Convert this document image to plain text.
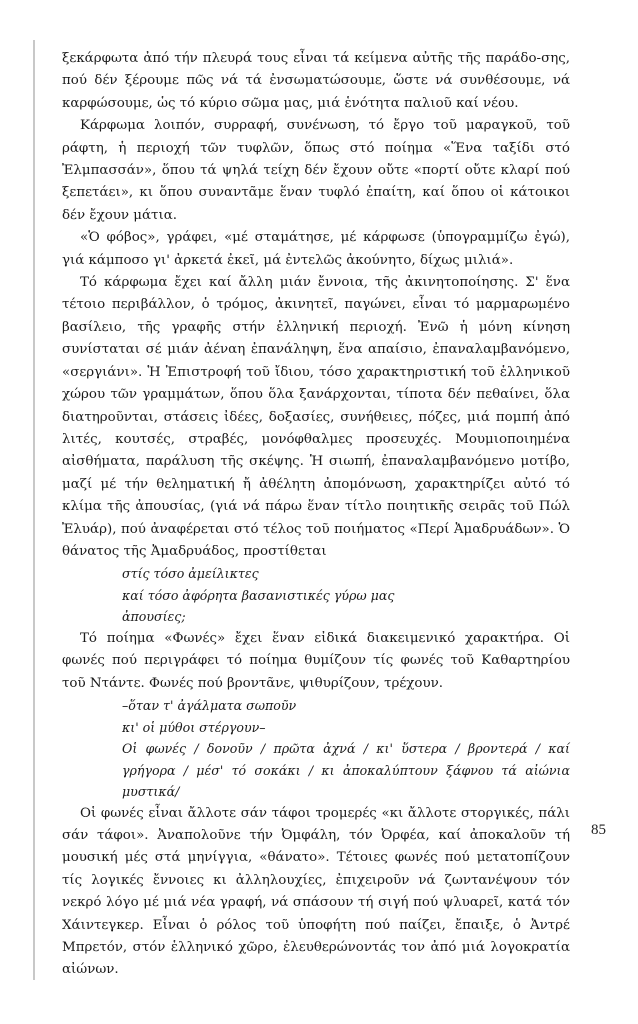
ξεκάρφωτα ἀπό τήν πλευρά τους εἶναι τά κείμενα αὐτῆς τῆς παράδο-σης, πού δέν ξέρουμε πῶς νά τά ἐνσωματώσουμε, ὥστε νά συνθέσουμε, νά καρφώσουμε, ὡς τό κύριο σῶμα μας, μιά ἑνότητα παλιοῦ καί νέου.

Κάρφωμα λοιπόν, συρραφή, συνένωση, τό ἔργο τοῦ μαραγκοῦ, τοῦ ράφτη, ἡ περιοχή τῶν τυφλῶν, ὅπως στό ποίημα «Ἕνα ταξίδι στό Ἐλμπασσάν», ὅπου τά ψηλά τείχη δέν ἔχουν οὔτε «πορτί οὔτε κλαρί πού ξεπετάει», κι ὅπου συναντᾶμε ἕναν τυφλό ἐπαίτη, καί ὅπου οἱ κάτοικοι δέν ἔχουν μάτια.

«Ὁ φόβος», γράφει, «μέ σταμάτησε, μέ κάρφωσε (ὑπογραμμίζω ἐγώ), γιά κάμποσο γι' ἀρκετά ἐκεῖ, μά ἐντελῶς ἀκούνητο, δίχως μιλιά».

Τό κάρφωμα ἔχει καί ἄλλη μιάν ἔννοια, τῆς ἀκινητοποίησης. Σ' ἕνα τέτοιο περιβάλλον, ὁ τρόμος, ἀκινητεῖ, παγώνει, εἶναι τό μαρμαρωμένο βασίλειο, τῆς γραφῆς στήν ἑλληνική περιοχή. Ἐνῶ ἡ μόνη κίνηση συνίσταται σέ μιάν ἀέναη ἐπανάληψη, ἕνα απαίσιο, ἐπαναλαμβανόμενο, «σεργιάνι». Ἡ Ἐπιστροφή τοῦ ἴδιου, τόσο χαρακτηριστική τοῦ ἑλληνικοῦ χώρου τῶν γραμμάτων, ὅπου ὅλα ξανάρχονται, τίποτα δέν πεθαίνει, ὅλα διατηροῦνται, στάσεις ἰδέες, δοξασίες, συνήθειες, πόζες, μιά πομπή ἀπό λιτές, κουτσές, στραβές, μονόφθαλμες προσευχές. Μουμιοποιημένα αἰσθήματα, παράλυση τῆς σκέψης. Ἡ σιωπή, ἐπαναλαμβανόμενο μοτίβο, μαζί μέ τήν θεληματική ἤ ἀθέλητη ἀπομόνωση, χαρακτηρίζει αὐτό τό κλίμα τῆς ἀπουσίας, (γιά νά πάρω ἕναν τίτλο ποιητικῆς σειρᾶς τοῦ Πώλ Ἐλυάρ), πού ἀναφέρεται στό τέλος τοῦ ποιήματος «Περί Ἀμαδρυάδων». Ὁ θάνατος τῆς Ἀμαδρυάδος, προστίθεται

στίς τόσο ἀμείλικτες
καί τόσο ἀφόρητα βασανιστικές γύρω μας
ἀπουσίες;

Τό ποίημα «Φωνές» ἔχει ἕναν εἰδικά διακειμενικό χαρακτήρα. Οἱ φωνές πού περιγράφει τό ποίημα θυμίζουν τίς φωνές τοῦ Καθαρτηρίου τοῦ Ντάντε. Φωνές πού βροντᾶνε, ψιθυρίζουν, τρέχουν.

–ὅταν τ' ἀγάλματα σωποῦν
κι' οἱ μύθοι στέργουν–
Οἱ φωνές / δονοῦν / πρῶτα ἀχνά / κι' ὕστερα / βροντερά / καί γρήγορα / μέσ' τό σοκάκι / κι ἀποκαλύπτουν ξάφνου τά αἰώνια μυστικά/

Οἱ φωνές εἶναι ἄλλοτε σάν τάφοι τρομερές «κι ἄλλοτε στοργικές, πάλι σάν τάφοι». Ἀναπολοῦνε τήν Ὀμφάλη, τόν Ὀρφέα, καί ἀποκαλοῦν τή μουσική μές στά μηνίγγια, «θάνατο». Τέτοιες φωνές πού μετατοπίζουν τίς λογικές ἔννοιες κι ἀλληλουχίες, ἐπιχειροῦν νά ζωντανέψουν τόν νεκρό λόγο μέ μιά νέα γραφή, νά σπάσουν τή σιγή πού ψλυαρεῖ, κατά τόν Χάιντεγκερ. Εἶναι ὁ ρόλος τοῦ ὑποφήτη πού παίζει, ἔπαιξε, ὁ Ἀντρέ Μπρετόν, στόν ἑλληνικό χῶρο, ἐλευθερώνοντάς τον ἀπό μιά λογοκρατία αἰώνων.

85
